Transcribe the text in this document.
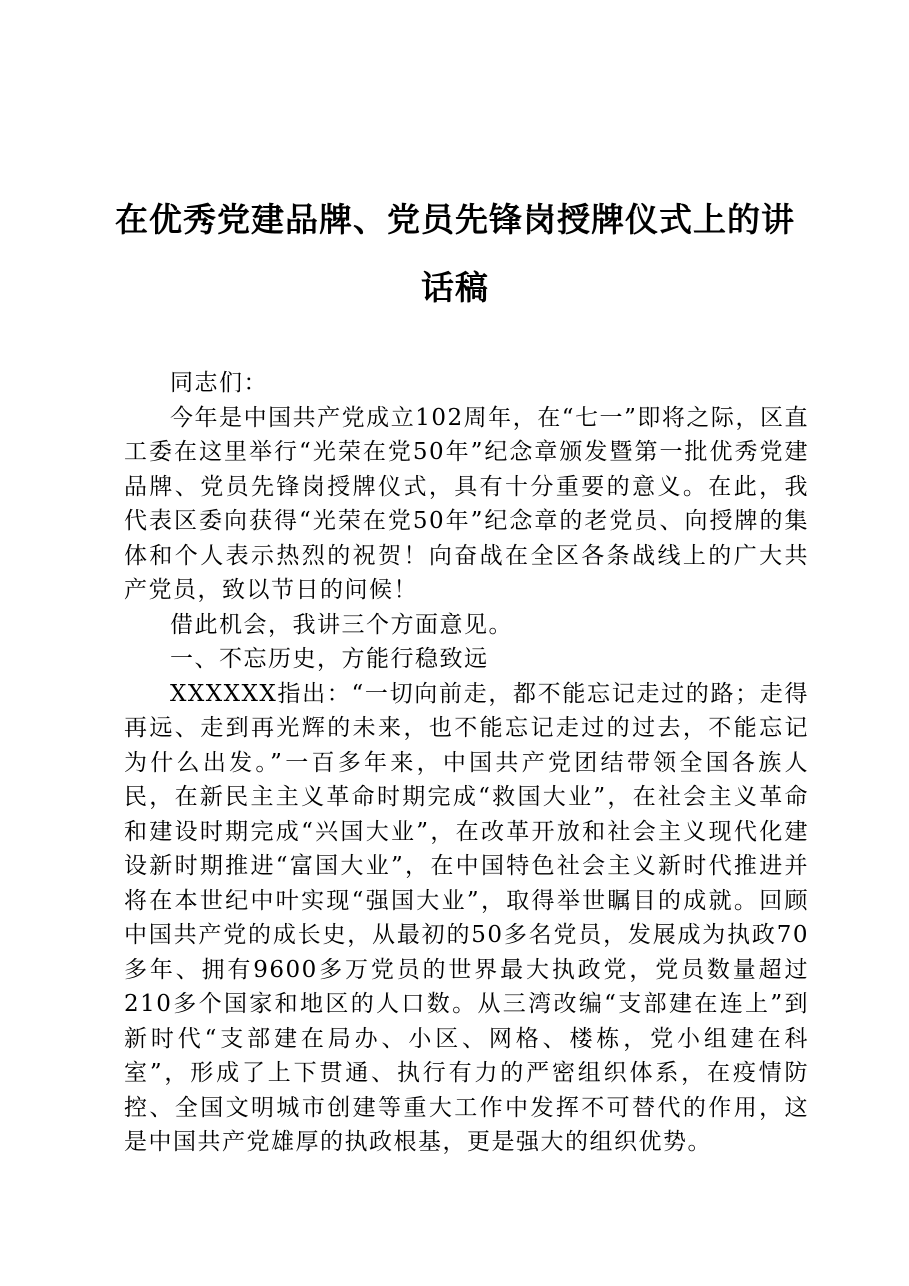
在优秀党建品牌、党员先锋岗授牌仪式上的讲话稿

同志们：

今年是中国共产党成立102周年，在“七一”即将之际，区直工委在这里举行“光荣在党50年”纪念章颁发暨第一批优秀党建品牌、党员先锋岗授牌仪式，具有十分重要的意义。在此，我代表区委向获得“光荣在党50年”纪念章的老党员、向授牌的集体和个人表示热烈的祝贺！向奋战在全区各条战线上的广大共产党员，致以节日的问候！

借此机会，我讲三个方面意见。

一、不忘历史，方能行稳致远

XXXXXX指出：“一切向前走，都不能忘记走过的路；走得再远、走到再光辉的未来，也不能忘记走过的过去，不能忘记为什么出发。”一百多年来，中国共产党团结带领全国各族人民，在新民主主义革命时期完成“救国大业”，在社会主义革命和建设时期完成“兴国大业”，在改革开放和社会主义现代化建设新时期推进“富国大业”，在中国特色社会主义新时代推进并将在本世纪中叶实现“强国大业”，取得举世瞩目的成就。回顾中国共产党的成长史，从最初的50多名党员，发展成为执政70多年、拥有9600多万党员的世界最大执政党，党员数量超过210多个国家和地区的人口数。从三湾改编“支部建在连上”到新时代“支部建在局办、小区、网格、楼栋，党小组建在科室”，形成了上下贯通、执行有力的严密组织体系，在疫情防控、全国文明城市创建等重大工作中发挥不可替代的作用，这是中国共产党雄厚的执政根基，更是强大的组织优势。
